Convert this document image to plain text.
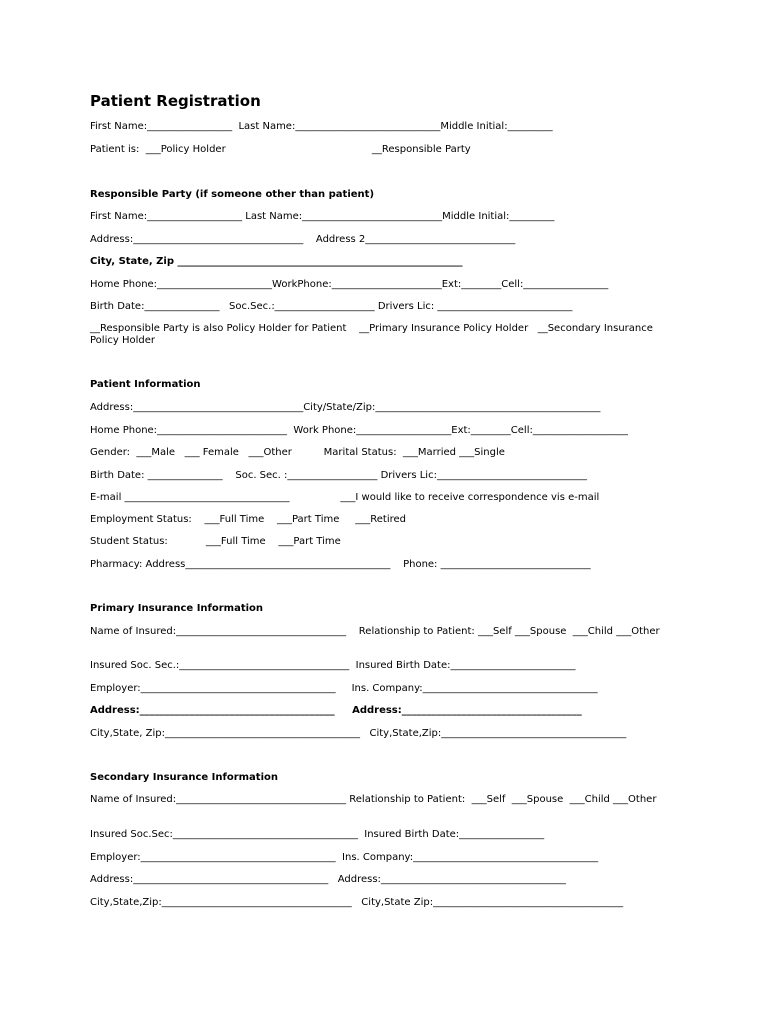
Patient Registration
First Name:_________________  Last Name:_____________________________Middle Initial:_________
Patient is:  ___Policy Holder                                              __Responsible Party
Responsible Party (if someone other than patient)
First Name:___________________ Last Name:____________________________Middle Initial:_________
Address:__________________________________    Address 2______________________________
City, State, Zip _________________________________________________________
Home Phone:_______________________WorkPhone:______________________Ext:________Cell:_________________
Birth Date:_______________   Soc.Sec.:____________________ Drivers Lic: ___________________________
__Responsible Party is also Policy Holder for Patient    __Primary Insurance Policy Holder   __Secondary Insurance Policy Holder
Patient Information
Address:__________________________________City/State/Zip:_____________________________________________
Home Phone:__________________________  Work Phone:___________________Ext:________Cell:___________________
Gender:  ___Male   ___ Female   ___Other          Marital Status:  ___Married ___Single
Birth Date: _______________    Soc. Sec. :__________________ Drivers Lic:______________________________
E-mail _________________________________                ___I would like to receive correspondence vis e-mail
Employment Status:    ___Full Time    ___Part Time     ___Retired
Student Status:            ___Full Time    ___Part Time
Pharmacy: Address_________________________________________    Phone: ______________________________
Primary Insurance Information
Name of Insured:__________________________________    Relationship to Patient: ___Self ___Spouse  ___Child ___Other
Insured Soc. Sec.:__________________________________  Insured Birth Date:_________________________
Employer:_______________________________________     Ins. Company:___________________________________
Address:_______________________________________     Address:____________________________________
City,State, Zip:_______________________________________   City,State,Zip:_____________________________________
Secondary Insurance Information
Name of Insured:__________________________________ Relationship to Patient:  ___Self  ___Spouse  ___Child ___Other
Insured Soc.Sec:_____________________________________  Insured Birth Date:_________________
Employer:_______________________________________  Ins. Company:_____________________________________
Address:_______________________________________   Address:_____________________________________
City,State,Zip:______________________________________   City,State Zip:______________________________________
